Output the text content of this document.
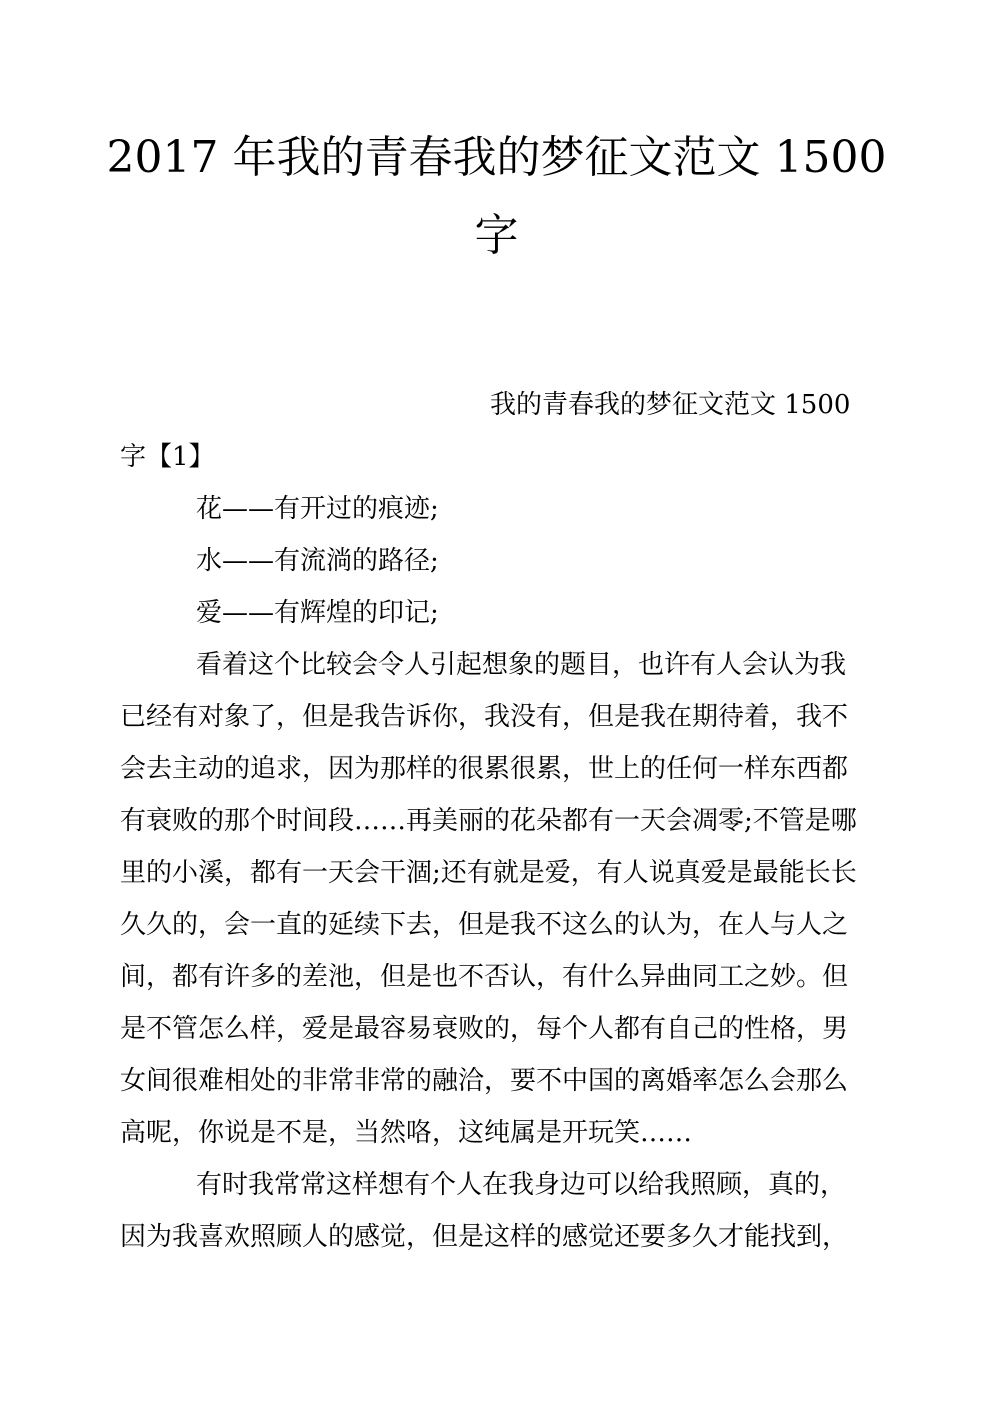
2017 年我的青春我的梦征文范文 1500
字
我的青春我的梦征文范文 1500
字【1】
花——有开过的痕迹;
水——有流淌的路径;
爱——有辉煌的印记;
看着这个比较会令人引起想象的题目，也许有人会认为我
已经有对象了，但是我告诉你，我没有，但是我在期待着，我不
会去主动的追求，因为那样的很累很累，世上的任何一样东西都
有衰败的那个时间段……再美丽的花朵都有一天会凋零;不管是哪
里的小溪，都有一天会干涸;还有就是爱，有人说真爱是最能长长
久久的，会一直的延续下去，但是我不这么的认为，在人与人之
间，都有许多的差池，但是也不否认，有什么异曲同工之妙。但
是不管怎么样，爱是最容易衰败的，每个人都有自己的性格，男
女间很难相处的非常非常的融洽，要不中国的离婚率怎么会那么
高呢，你说是不是，当然咯，这纯属是开玩笑……
有时我常常这样想有个人在我身边可以给我照顾，真的，
因为我喜欢照顾人的感觉，但是这样的感觉还要多久才能找到，
